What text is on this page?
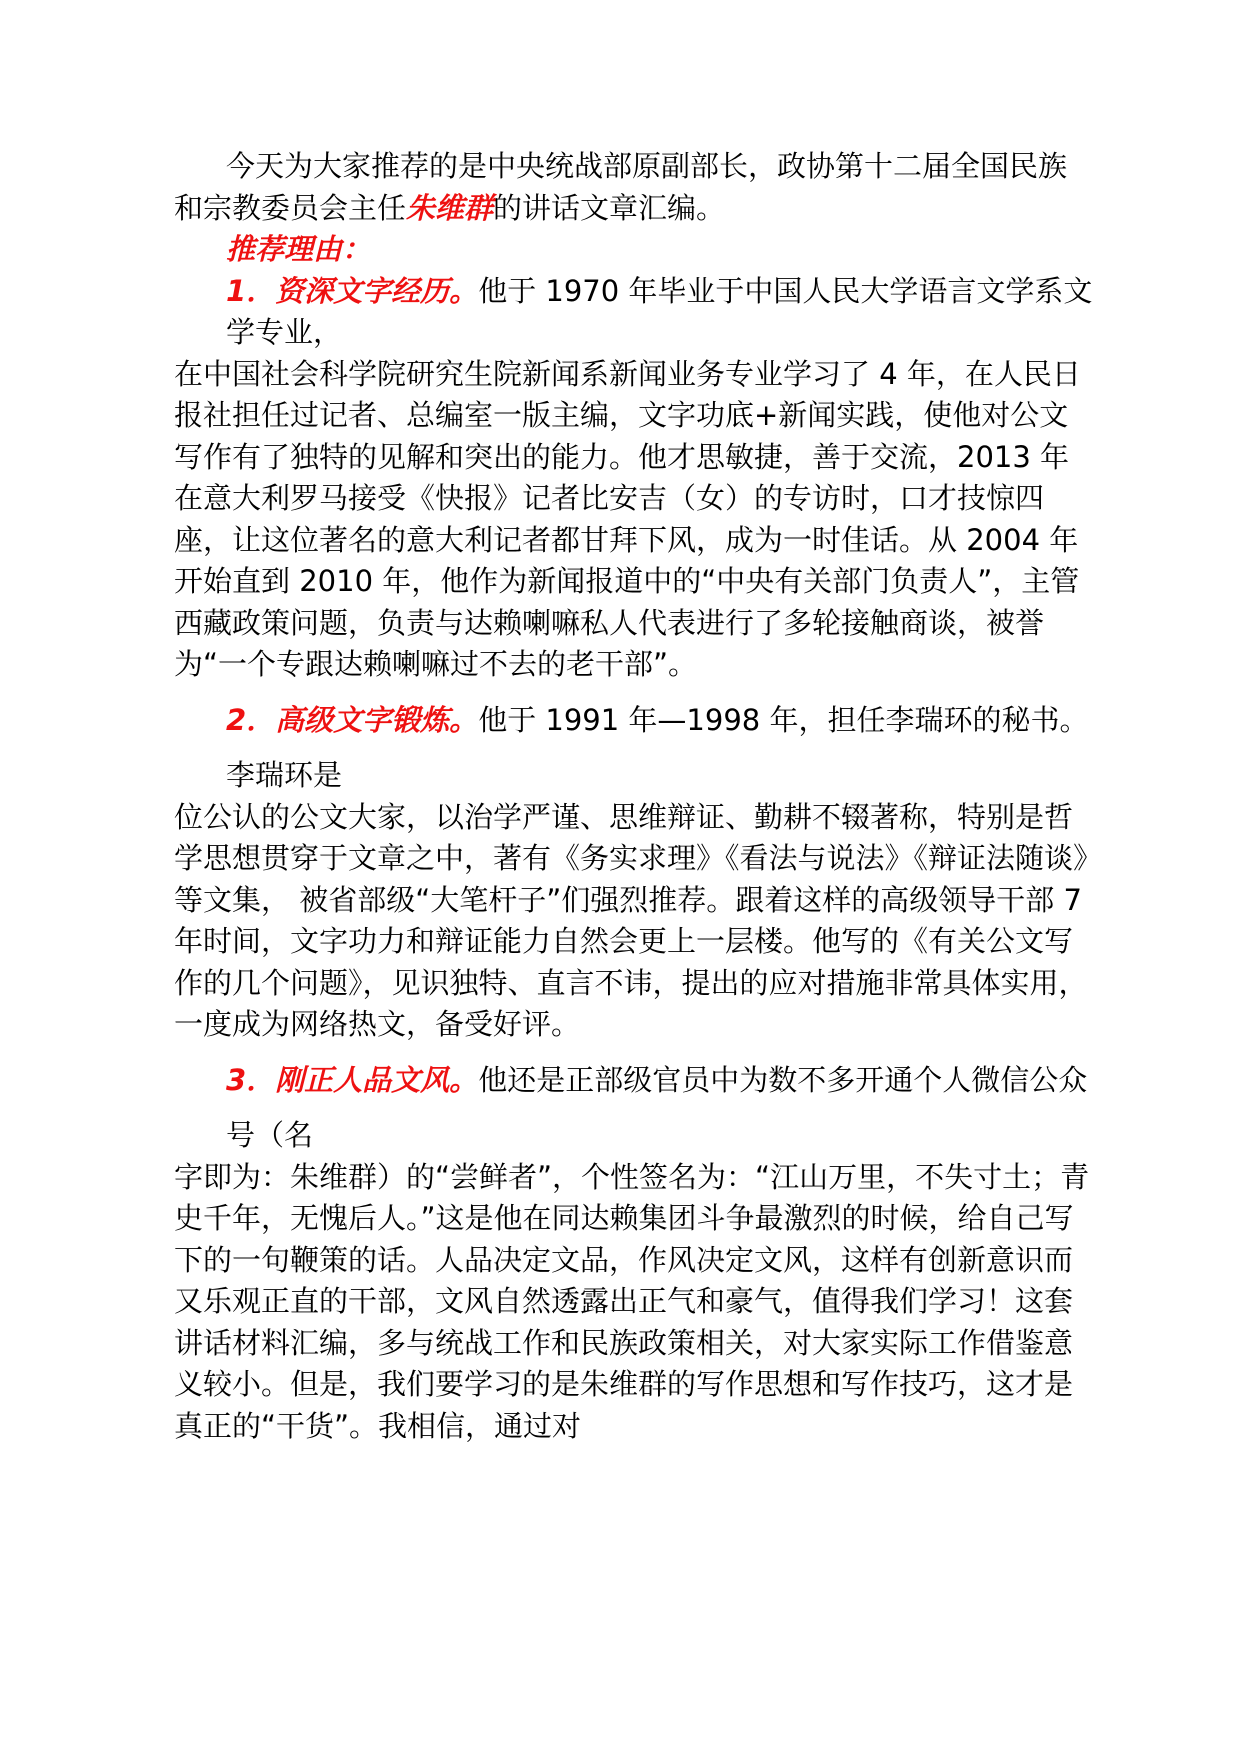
今天为大家推荐的是中央统战部原副部长，政协第十二届全国民族和宗教委员会主任朱维群的讲话文章汇编。

推荐理由：

1．资深文字经历。他于 1970 年毕业于中国人民大学语言文学系文学专业，

在中国社会科学院研究生院新闻系新闻业务专业学习了 4 年，在人民日报社担任过记者、总编室一版主编，文字功底+新闻实践，使他对公文写作有了独特的见解和突出的能力。他才思敏捷，善于交流，2013 年在意大利罗马接受《快报》记者比安吉（女）的专访时，口才技惊四座，让这位著名的意大利记者都甘拜下风，成为一时佳话。从 2004 年开始直到 2010 年，他作为新闻报道中的“中央有关部门负责人”，主管西藏政策问题，负责与达赖喇嘛私人代表进行了多轮接触商谈，被誉为“一个专跟达赖喇嘛过不去的老干部”。

2．高级文字锻炼。他于 1991 年—1998 年，担任李瑞环的秘书。

李瑞环是

位公认的公文大家，以治学严谨、思维辩证、勤耕不辍著称，特别是哲学思想贯穿于文章之中，著有《务实求理》《看法与说法》《辩证法随谈》等文集， 被省部级“大笔杆子”们强烈推荐。跟着这样的高级领导干部 7 年时间，文字功力和辩证能力自然会更上一层楼。他写的《有关公文写作的几个问题》，见识独特、直言不讳，提出的应对措施非常具体实用，一度成为网络热文，备受好评。

3．刚正人品文风。他还是正部级官员中为数不多开通个人微信公众

号（名

字即为：朱维群）的“尝鲜者”，个性签名为：“江山万里，不失寸土；青史千年，无愧后人。”这是他在同达赖集团斗争最激烈的时候，给自己写下的一句鞭策的话。人品决定文品，作风决定文风，这样有创新意识而又乐观正直的干部，文风自然透露出正气和豪气，值得我们学习！这套讲话材料汇编，多与统战工作和民族政策相关，对大家实际工作借鉴意义较小。但是，我们要学习的是朱维群的写作思想和写作技巧，这才是真正的“干货”。我相信，通过对
